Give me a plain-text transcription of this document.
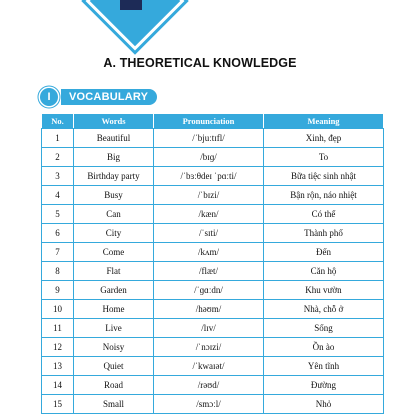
A. THEORETICAL KNOWLEDGE
I	VOCABULARY
No.	Words	Pronunciation	Meaning
1	Beautiful	/ˈbjuːtɪfl/	Xinh, đẹp
2	Big	/bɪɡ/	To
3	Birthday party	/ˈbɜːθdeɪ ˈpɑːti/	Bữa tiệc sinh nhật
4	Busy	/ˈbɪzi/	Bận rộn, náo nhiệt
5	Can	/kæn/	Có thể
6	City	/ˈsɪti/	Thành phố
7	Come	/kʌm/	Đến
8	Flat	/flæt/	Căn hộ
9	Garden	/ˈɡɑːdn/	Khu vườn
10	Home	/həʊm/	Nhà, chỗ ở
11	Live	/lɪv/	Sống
12	Noisy	/ˈnɔɪzi/	Ồn ào
13	Quiet	/ˈkwaɪət/	Yên tĩnh
14	Road	/rəʊd/	Đường
15	Small	/smɔːl/	Nhỏ
